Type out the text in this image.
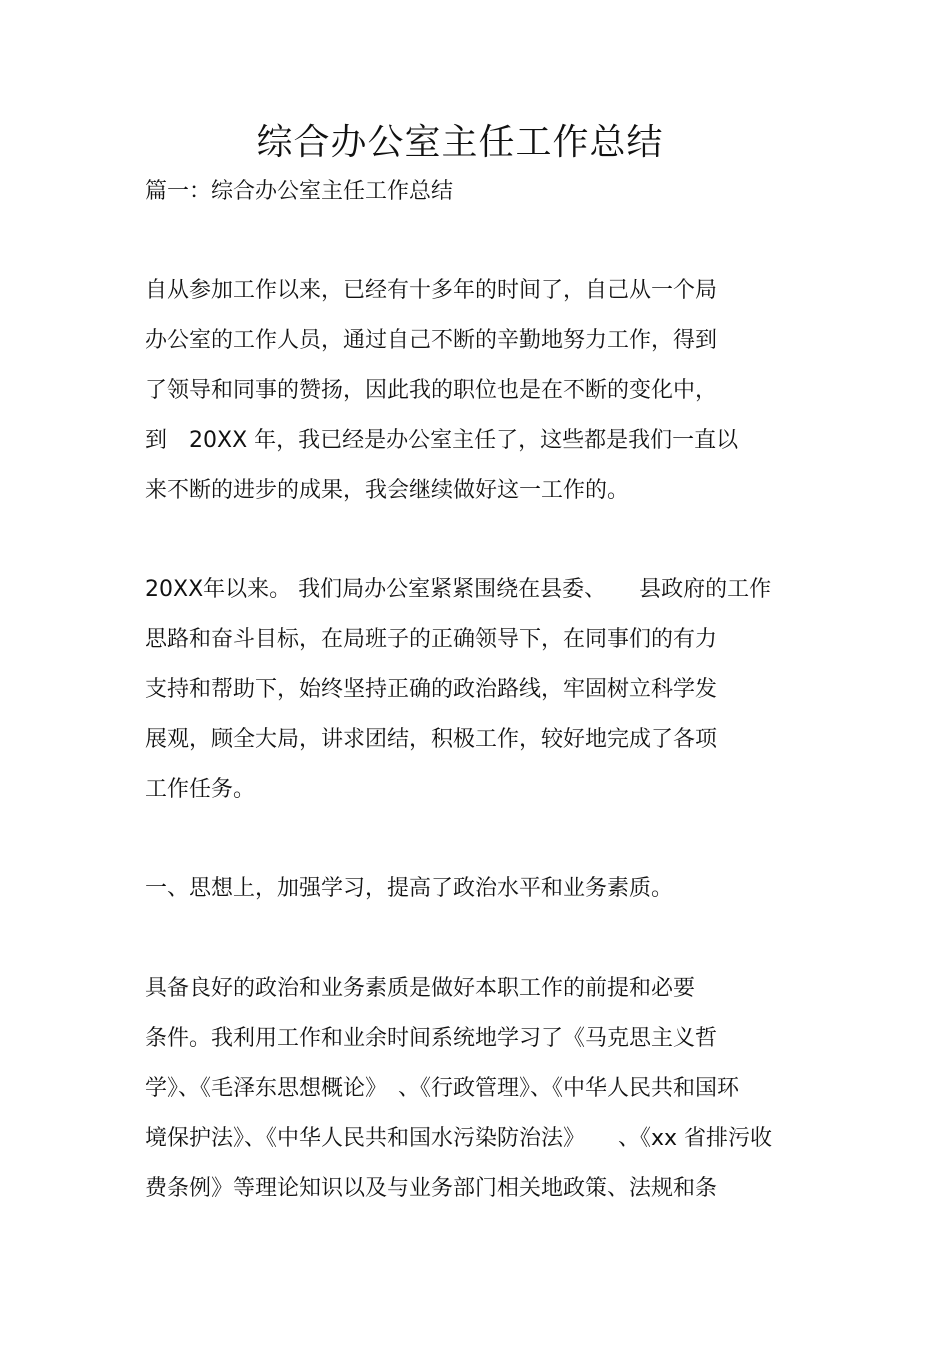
综合办公室主任工作总结

篇一：综合办公室主任工作总结

自从参加工作以来，已经有十多年的时间了，自己从一个局

办公室的工作人员，通过自己不断的辛勤地努力工作，得到

了领导和同事的赞扬，因此我的职位也是在不断的变化中，

到　20XX 年，我已经是办公室主任了，这些都是我们一直以

来不断的进步的成果，我会继续做好这一工作的。

20XX年以来。 我们局办公室紧紧围绕在县委、　　县政府的工作

思路和奋斗目标，在局班子的正确领导下，在同事们的有力

支持和帮助下，始终坚持正确的政治路线，牢固树立科学发

展观，顾全大局，讲求团结，积极工作，较好地完成了各项

工作任务。

一、思想上，加强学习，提高了政治水平和业务素质。

具备良好的政治和业务素质是做好本职工作的前提和必要

条件。我利用工作和业余时间系统地学习了《马克思主义哲

学》、《毛泽东思想概论》　、《行政管理》、《中华人民共和国环

境保护法》、《中华人民共和国水污染防治法》　　、《xx 省排污收

费条例》等理论知识以及与业务部门相关地政策、法规和条
